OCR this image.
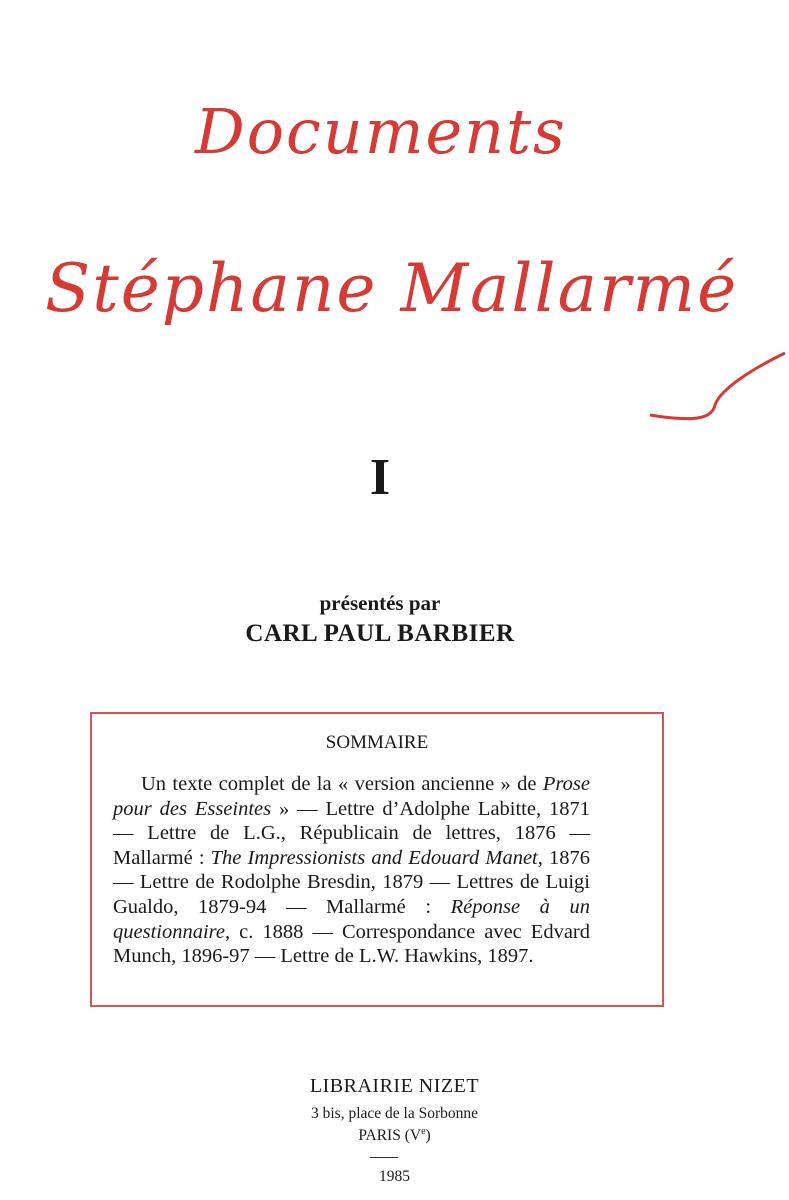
Documents
Stéphane Mallarmé
I
présentés par
CARL PAUL BARBIER
SOMMAIRE

Un texte complet de la « version ancienne » de Prose pour des Esseintes » — Lettre d’Adolphe Labitte, 1871 — Lettre de L.G., Républicain de lettres, 1876 — Mallarmé : The Impressionists and Edouard Manet, 1876 — Lettre de Rodolphe Bresdin, 1879 — Lettres de Luigi Gualdo, 1879-94 — Mallarmé : Réponse à un questionnaire, c. 1888 — Correspondance avec Edvard Munch, 1896-97 — Lettre de L.W. Hawkins, 1897.

LIBRAIRIE NIZET
3 bis, place de la Sorbonne
PARIS (Ve)
1985
